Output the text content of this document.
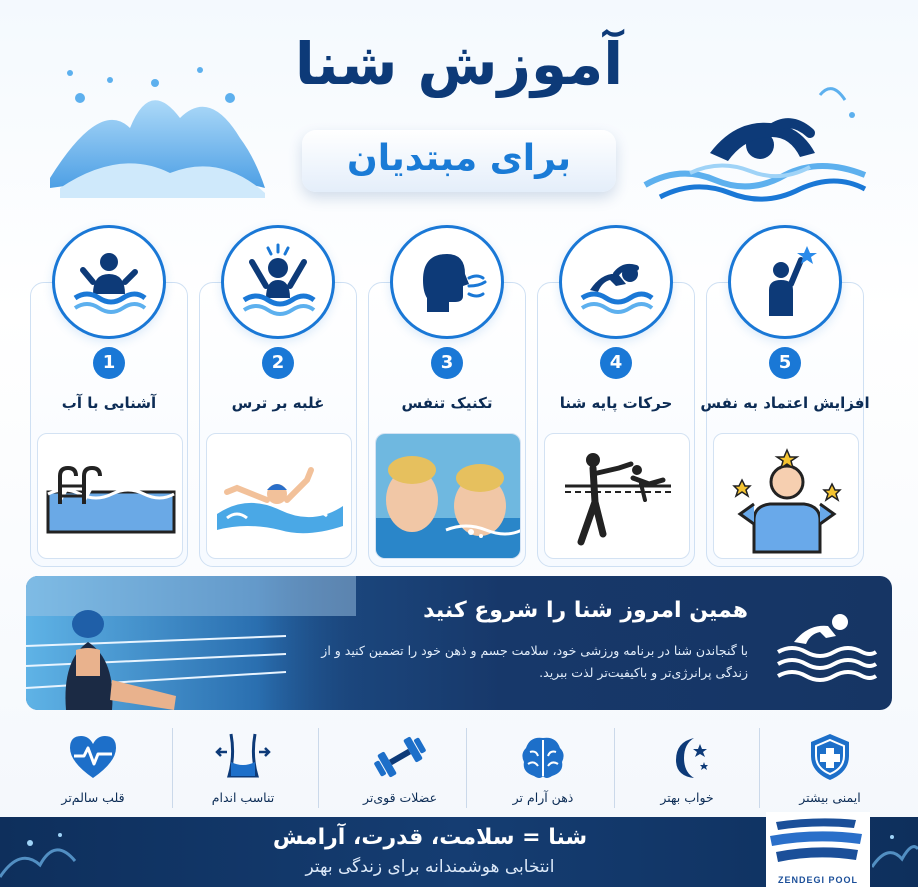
آموزش شنا
برای مبتدیان
1
آشنایی با آب
2
غلبه بر ترس
3
تکنیک تنفس
4
حرکات پایه شنا
5
افزایش اعتماد به نفس
همین امروز شنا را شروع کنید
با گنجاندن شنا در برنامه ورزشی خود، سلامت جسم و ذهن خود را تضمین کنید و از زندگی پرانرژی‌تر و باکیفیت‌تر لذت ببرید.
ایمنی بیشتر
خواب بهتر
ذهن آرام تر
عضلات قوی‌تر
تناسب اندام
قلب سالم‌تر
شنا = سلامت، قدرت، آرامش
انتخابی هوشمندانه برای زندگی بهتر
ZENDEGI POOL
